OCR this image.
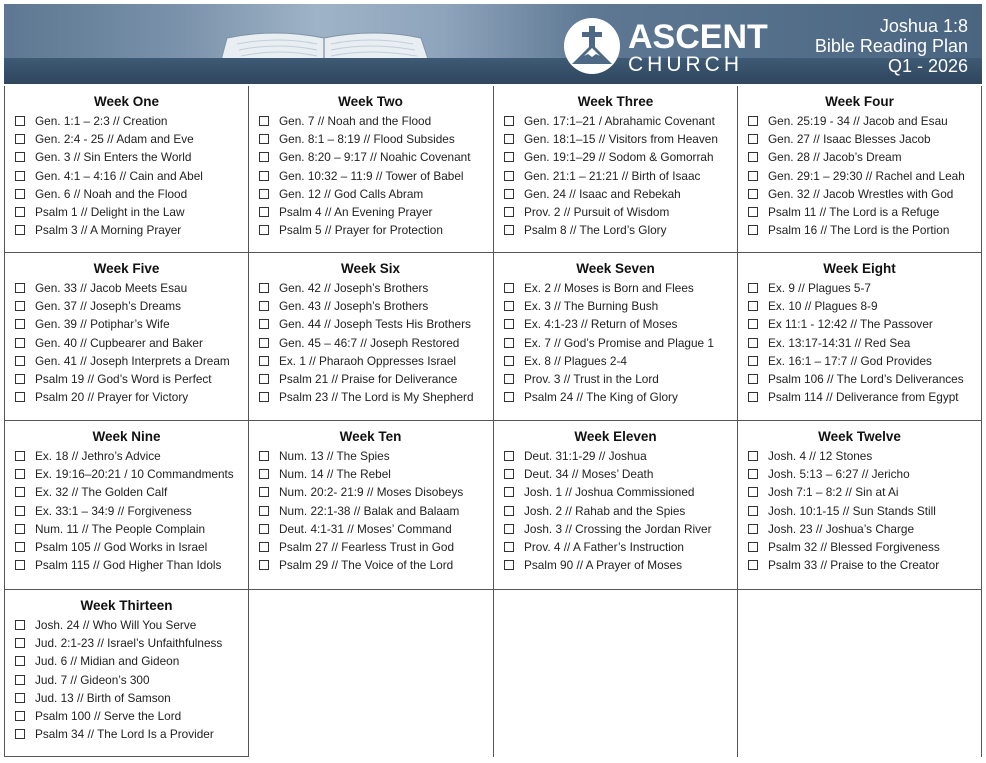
ASCENT
CHURCH
Joshua 1:8
Bible Reading Plan
Q1 - 2026
Week One
Gen. 1:1 – 2:3 // Creation
Gen. 2:4 - 25 // Adam and Eve
Gen. 3 // Sin Enters the World
Gen. 4:1 – 4:16 // Cain and Abel
Gen. 6 // Noah and the Flood
Psalm 1 // Delight in the Law
Psalm 3 // A Morning Prayer
Week Two
Gen. 7 // Noah and the Flood
Gen. 8:1 – 8:19 // Flood Subsides
Gen. 8:20 – 9:17 // Noahic Covenant
Gen. 10:32 – 11:9 // Tower of Babel
Gen. 12 // God Calls Abram
Psalm 4 // An Evening Prayer
Psalm 5 // Prayer for Protection
Week Three
Gen. 17:1–21 / Abrahamic Covenant
Gen. 18:1–15 // Visitors from Heaven
Gen. 19:1–29 // Sodom & Gomorrah
Gen. 21:1 – 21:21 // Birth of Isaac
Gen. 24 // Isaac and Rebekah
Prov. 2 // Pursuit of Wisdom
Psalm 8 // The Lord’s Glory
Week Four
Gen. 25:19 - 34 // Jacob and Esau
Gen. 27 // Isaac Blesses Jacob
Gen. 28 // Jacob’s Dream
Gen. 29:1 – 29:30 // Rachel and Leah
Gen. 32 // Jacob Wrestles with God
Psalm 11 // The Lord is a Refuge
Psalm 16 // The Lord is the Portion
Week Five
Gen. 33 // Jacob Meets Esau
Gen. 37 // Joseph’s Dreams
Gen. 39 // Potiphar’s Wife
Gen. 40 // Cupbearer and Baker
Gen. 41 // Joseph Interprets a Dream
Psalm 19 // God’s Word is Perfect
Psalm 20 // Prayer for Victory
Week Six
Gen. 42 // Joseph’s Brothers
Gen. 43 // Joseph’s Brothers
Gen. 44 // Joseph Tests His Brothers
Gen. 45 – 46:7 // Joseph Restored
Ex. 1 // Pharaoh Oppresses Israel
Psalm 21 // Praise for Deliverance
Psalm 23 // The Lord is My Shepherd
Week Seven
Ex. 2 // Moses is Born and Flees
Ex. 3 // The Burning Bush
Ex. 4:1-23 // Return of Moses
Ex. 7 // God’s Promise and Plague 1
Ex. 8 // Plagues 2-4
Prov. 3 // Trust in the Lord
Psalm 24 // The King of Glory
Week Eight
Ex. 9 // Plagues 5-7
Ex. 10 // Plagues 8-9
Ex 11:1 - 12:42 // The Passover
Ex. 13:17-14:31 // Red Sea
Ex. 16:1 – 17:7 // God Provides
Psalm 106 // The Lord’s Deliverances
Psalm 114 // Deliverance from Egypt
Week Nine
Ex. 18 // Jethro’s Advice
Ex. 19:16–20:21 / 10 Commandments
Ex. 32 // The Golden Calf
Ex. 33:1 – 34:9 // Forgiveness
Num. 11 // The People Complain
Psalm 105 // God Works in Israel
Psalm 115 // God Higher Than Idols
Week Ten
Num. 13 // The Spies
Num. 14 // The Rebel
Num. 20:2- 21:9 // Moses Disobeys
Num. 22:1-38 // Balak and Balaam
Deut. 4:1-31 // Moses’ Command
Psalm 27 // Fearless Trust in God
Psalm 29 // The Voice of the Lord
Week Eleven
Deut. 31:1-29 // Joshua
Deut. 34 // Moses’ Death
Josh. 1 // Joshua Commissioned
Josh. 2 // Rahab and the Spies
Josh. 3 // Crossing the Jordan River
Prov. 4 // A Father’s Instruction
Psalm 90 // A Prayer of Moses
Week Twelve
Josh. 4 // 12 Stones
Josh. 5:13 – 6:27 // Jericho
Josh 7:1 – 8:2 // Sin at Ai
Josh. 10:1-15 // Sun Stands Still
Josh. 23 // Joshua’s Charge
Psalm 32 // Blessed Forgiveness
Psalm 33 // Praise to the Creator
Week Thirteen
Josh. 24 // Who Will You Serve
Jud. 2:1-23 // Israel’s Unfaithfulness
Jud. 6 // Midian and Gideon
Jud. 7 // Gideon’s 300
Jud. 13 // Birth of Samson
Psalm 100 // Serve the Lord
Psalm 34 // The Lord Is a Provider
